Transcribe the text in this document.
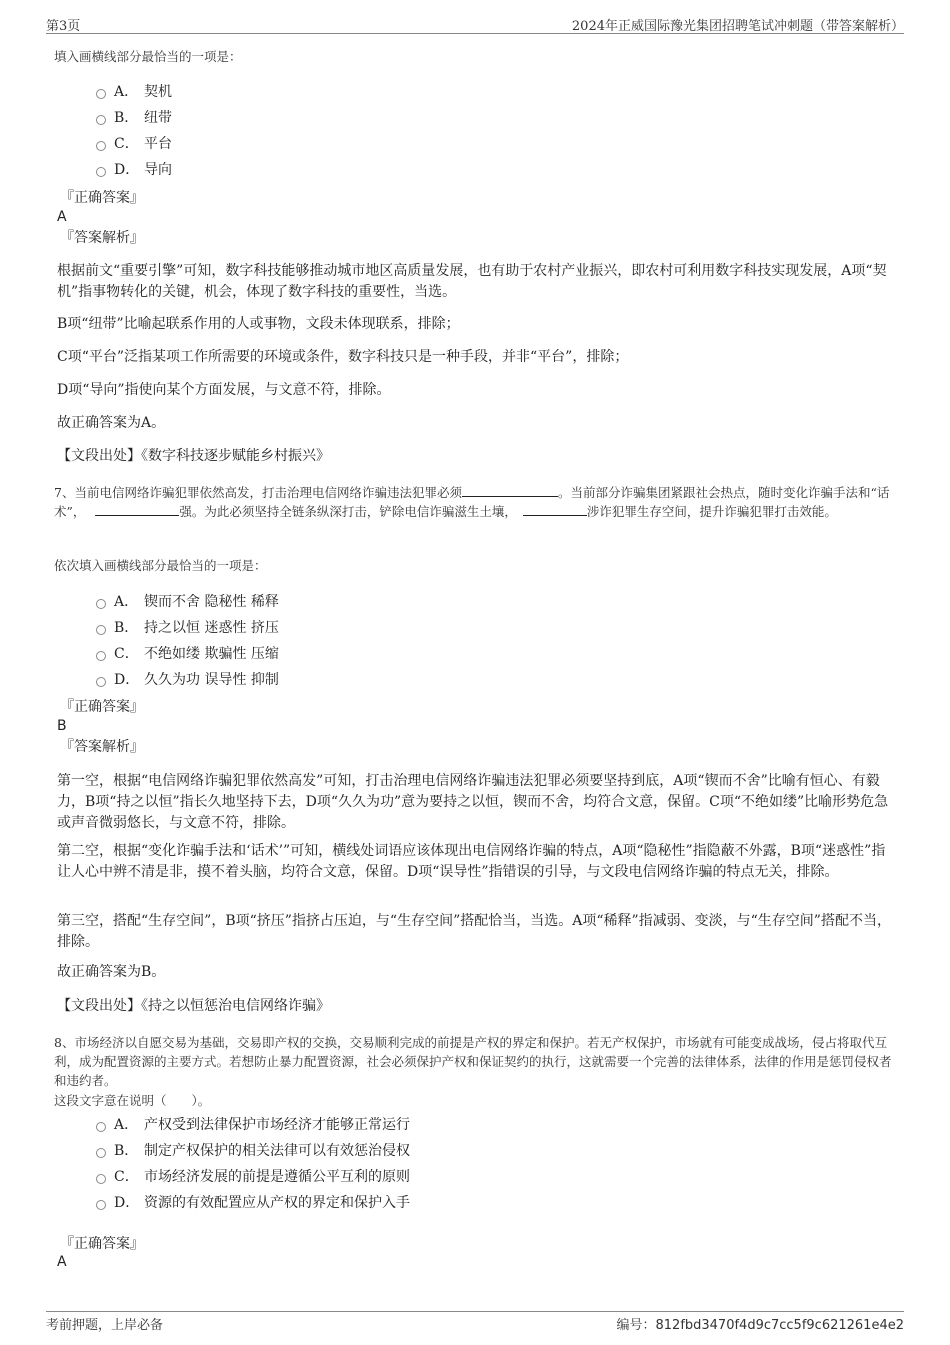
第3页	2024年正威国际豫光集团招聘笔试冲刺题（带答案解析）
填入画横线部分最恰当的一项是：
A． 契机
B． 纽带
C． 平台
D． 导向
『正确答案』
A
『答案解析』
根据前文“重要引擎”可知，数字科技能够推动城市地区高质量发展，也有助于农村产业振兴，即农村可利用数字科技实现发展，A项“契机”指事物转化的关键，机会，体现了数字科技的重要性，当选。
B项“纽带”比喻起联系作用的人或事物，文段未体现联系，排除；
C项“平台”泛指某项工作所需要的环境或条件，数字科技只是一种手段，并非“平台”，排除；
D项“导向”指使向某个方面发展，与文意不符，排除。
故正确答案为A。
【文段出处】《数字科技逐步赋能乡村振兴》
7、当前电信网络诈骗犯罪依然高发，打击治理电信网络诈骗违法犯罪必须	。当前部分诈骗集团紧跟社会热点，随时变化诈骗手法和“话术”，	强。为此必须坚持全链条纵深打击，铲除电信诈骗滋生土壤，	涉诈犯罪生存空间，提升诈骗犯罪打击效能。
依次填入画横线部分最恰当的一项是：
A． 锲而不舍 隐秘性 稀释
B． 持之以恒 迷惑性 挤压
C． 不绝如缕 欺骗性 压缩
D． 久久为功 误导性 抑制
『正确答案』
B
『答案解析』
第一空，根据“电信网络诈骗犯罪依然高发”可知，打击治理电信网络诈骗违法犯罪必须要坚持到底，A项“锲而不舍”比喻有恒心、有毅力，B项“持之以恒”指长久地坚持下去，D项“久久为功”意为要持之以恒，锲而不舍，均符合文意，保留。C项“不绝如缕”比喻形势危急或声音微弱悠长，与文意不符，排除。
第二空，根据“变化诈骗手法和‘话术’”可知，横线处词语应该体现出电信网络诈骗的特点，A项“隐秘性”指隐蔽不外露，B项“迷惑性”指让人心中辨不清是非，摸不着头脑，均符合文意，保留。D项“误导性”指错误的引导，与文段电信网络诈骗的特点无关，排除。
第三空，搭配“生存空间”，B项“挤压”指挤占压迫，与“生存空间”搭配恰当，当选。A项“稀释”指减弱、变淡，与“生存空间”搭配不当，排除。
故正确答案为B。
【文段出处】《持之以恒惩治电信网络诈骗》
8、市场经济以自愿交易为基础，交易即产权的交换，交易顺利完成的前提是产权的界定和保护。若无产权保护，市场就有可能变成战场，侵占将取代互利，成为配置资源的主要方式。若想防止暴力配置资源，社会必须保护产权和保证契约的执行，这就需要一个完善的法律体系，法律的作用是惩罚侵权者和违约者。
这段文字意在说明（　　）。
A． 产权受到法律保护市场经济才能够正常运行
B． 制定产权保护的相关法律可以有效惩治侵权
C． 市场经济发展的前提是遵循公平互利的原则
D． 资源的有效配置应从产权的界定和保护入手
『正确答案』
A
考前押题，上岸必备	编号：812fbd3470f4d9c7cc5f9c621261e4e2
